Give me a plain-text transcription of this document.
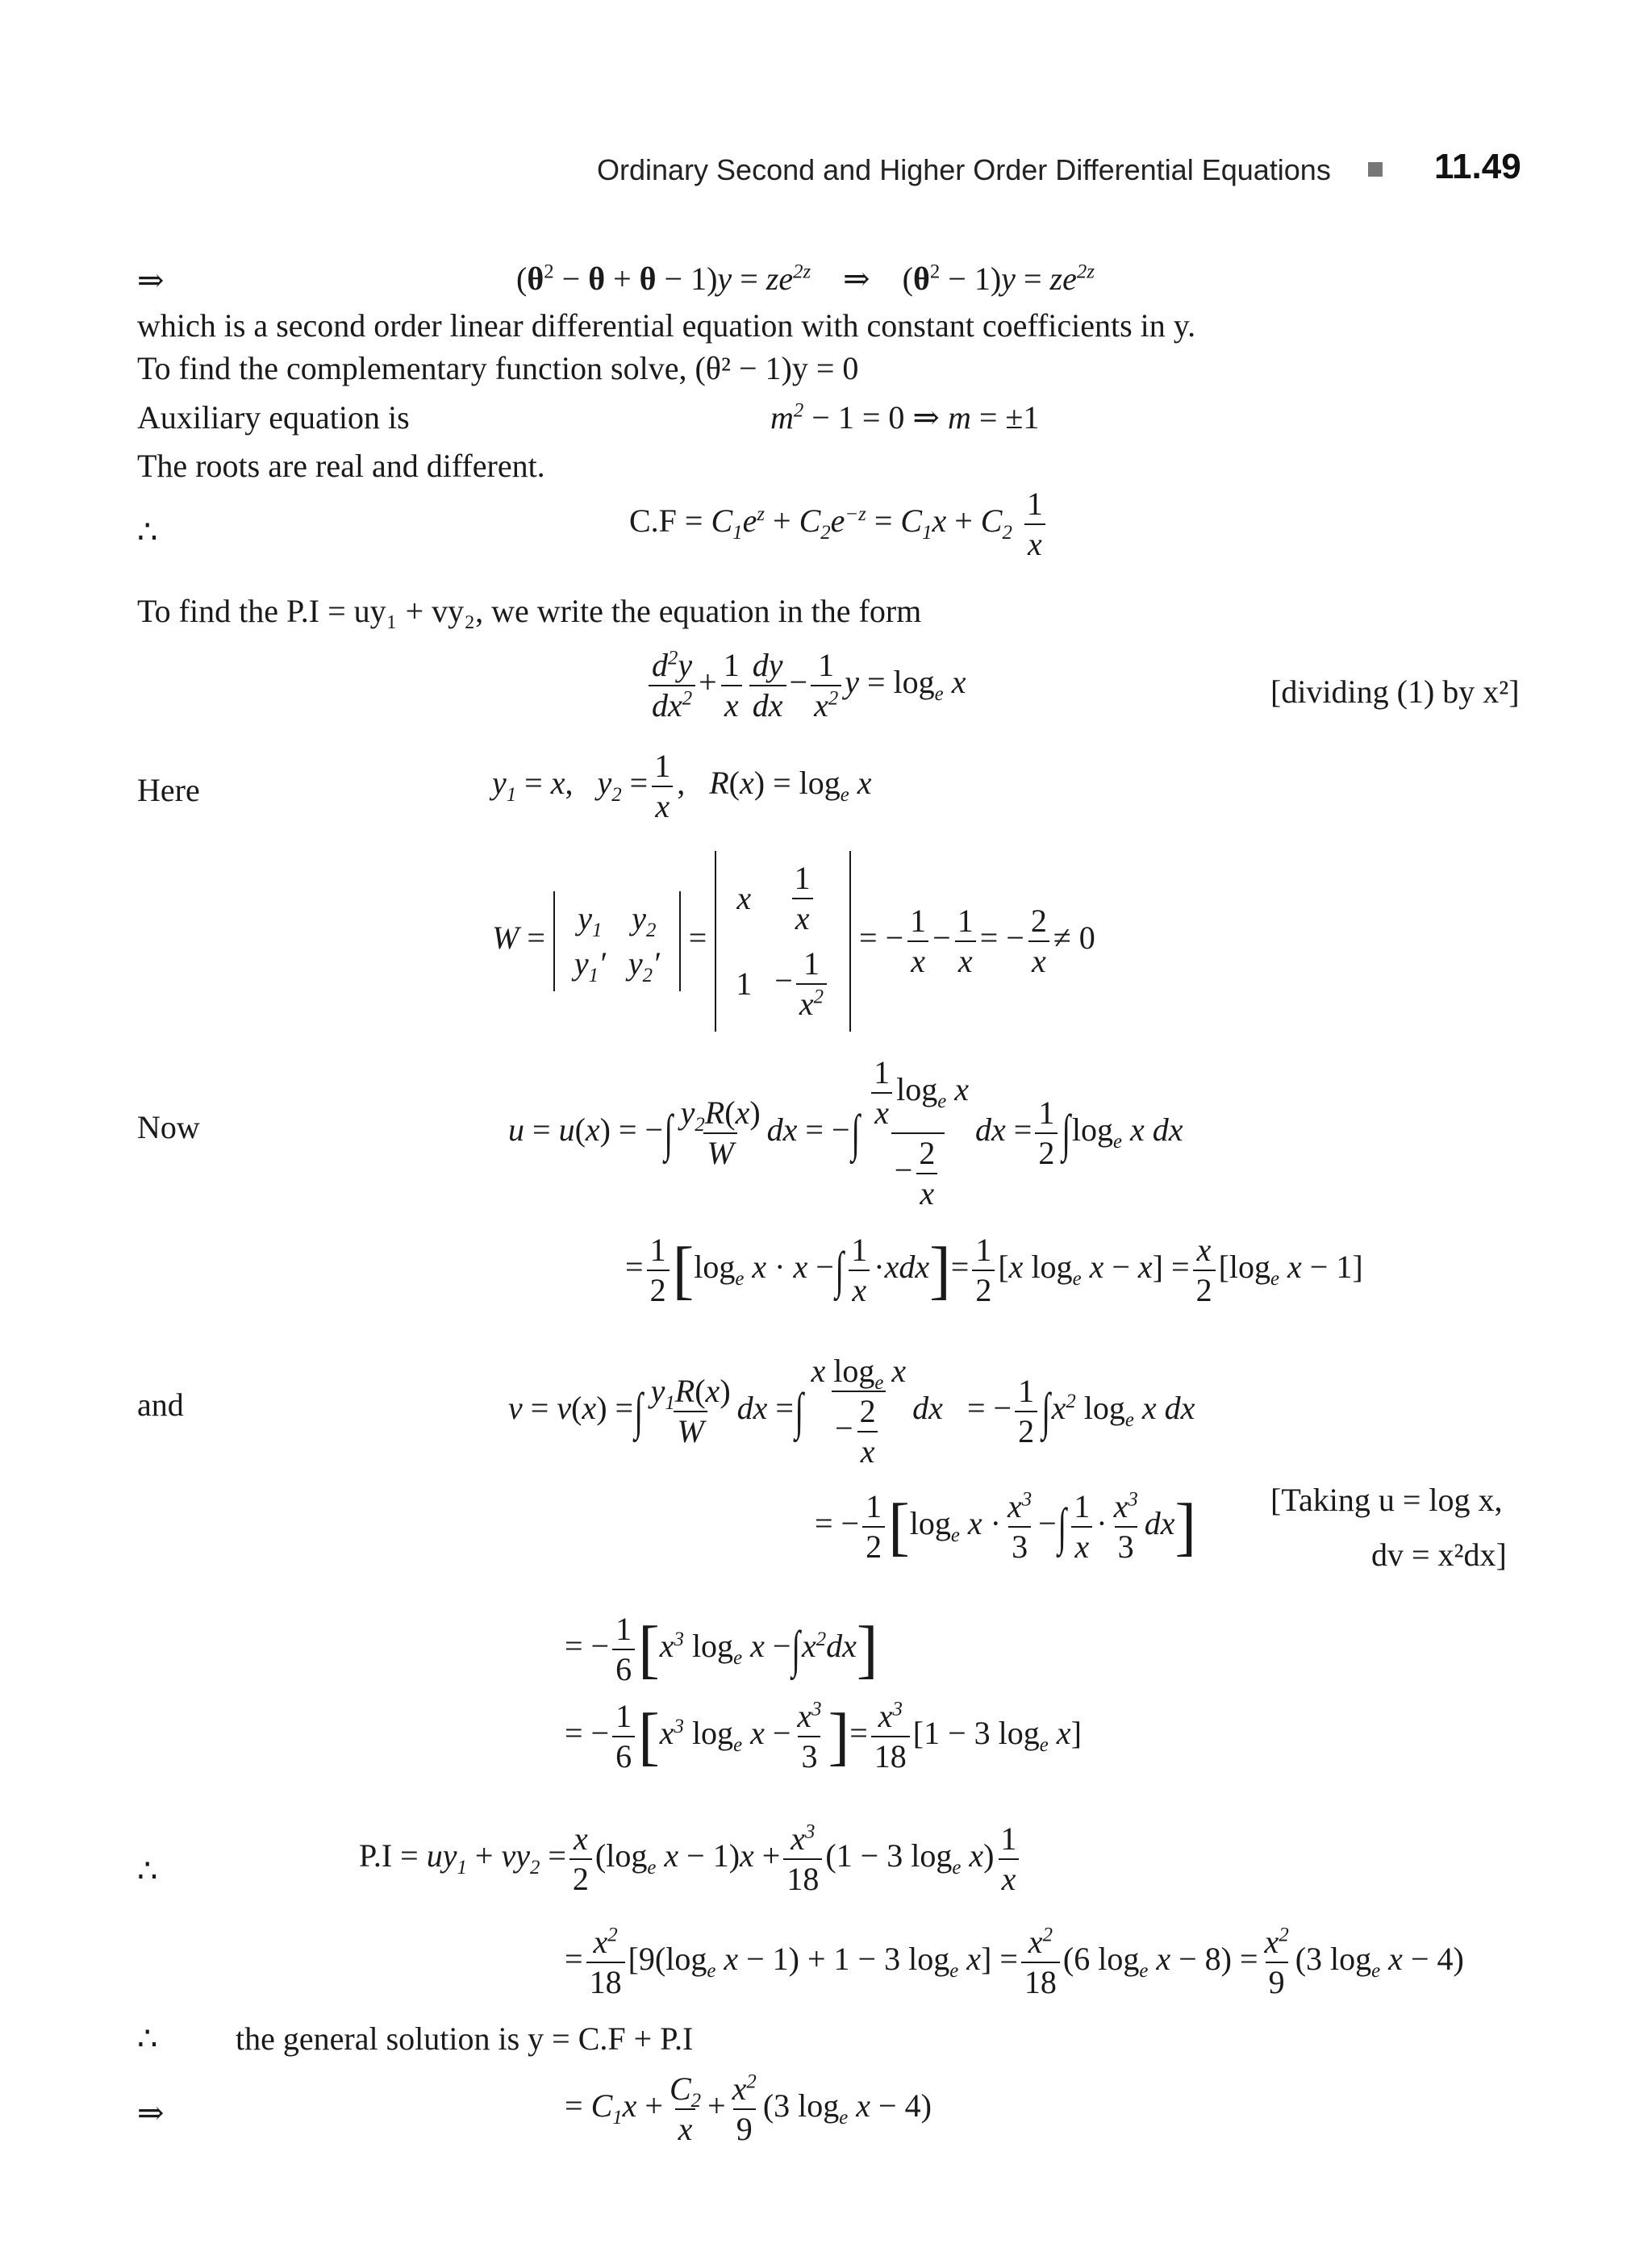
Ordinary Second and Higher Order Differential Equations	11.49
⇒	$(\theta^2 - \theta + \theta - 1)y = ze^{2z}$ ⇒ $(\theta^2 - 1)y = ze^{2z}$
which is a second order linear differential equation with constant coefficients in y.
To find the complementary function solve, (θ² − 1)y = 0
Auxiliary equation is	$m^2 - 1 = 0$ ⇒ m = ±1
The roots are real and different.
∴	$C.F = C_1e^z + C_2e^{-z} = C_1x + C_2 \frac{1}{x}$
To find the P.I = uy₁ + vy₂, we write the equation in the form
$\frac{d^2y}{dx^2} + \frac{1}{x} \frac{dy}{dx} - \frac{1}{x^2}$ $y = \log_e x$	[dividing (1) by x²]
Here	$y_1 = x$,   $y_2 = \frac{1}{x}$ ,   $R(x) = \log_e x$
W =
$y_1$	$y_2$
$y_1'$	$y_2'$
=
x	$\frac{1}{x}$

1	− $\frac{1}{x^2}$
= − $\frac{1}{x} - \frac{1}{x}$ = − $\frac{2}{x} \ne 0$
Now	u = u(x) = −∫ $\frac{y_2R(x)}{W}$ dx = −∫ $\frac{\frac{1}{x} \log_e x}{- \frac{2}{x}}$ dx = $\frac{1}{2} \int\log_e$ x dx
= $\frac{1}{2} [\log_e$ x · x −∫ $\frac{1}{x} \cdot xdx]= \frac{1}{2} [x$ $\log_e x - x] = \frac{x}{2} [\log_e$ x − 1]
and	v = v(x) =∫ $\frac{y_1R(x)}{W}$ dx =∫ $\frac{x \log_e x}{- \frac{2}{x}}$ dx   = − $\frac{1}{2} \int x^2$ $\log_e x$ dx
= − $\frac{1}{2} [\log_e$ $x \cdot \frac{x^3}{3}$ −∫ $\frac{1}{x} \cdot \frac{x^3}{3} dx$] [Taking u = log x,
dv = x²dx]
= − $\frac{1}{6} [x^3$ $\log_e x -\int x^2dx$]
= − $\frac{1}{6} [x^3$ $\log_e x - \frac{x^3}{3}$ ]= $\frac{x^3}{18} [1 - 3$ $\log_e x$]
∴	$P.I = uy_1 + vy_2 = \frac{x}{2} (\log_e$ $x - 1)x + \frac{x^3}{18} (1 - 3$ $\log_e x) \frac{1}{x}$
= $\frac{x^2}{18} [9(\log_e$ x − 1) + 1 − 3 $\log_e x] = \frac{x^2}{18} (6$ $\log_e x - 8) = \frac{x^2}{9} (3$ $\log_e x - 4$)
∴ the general solution is y = C.F + P.I
⇒	= $C_1x + \frac{C_2}{x} + \frac{x^2}{9} (3$ $\log_e x - 4$)
